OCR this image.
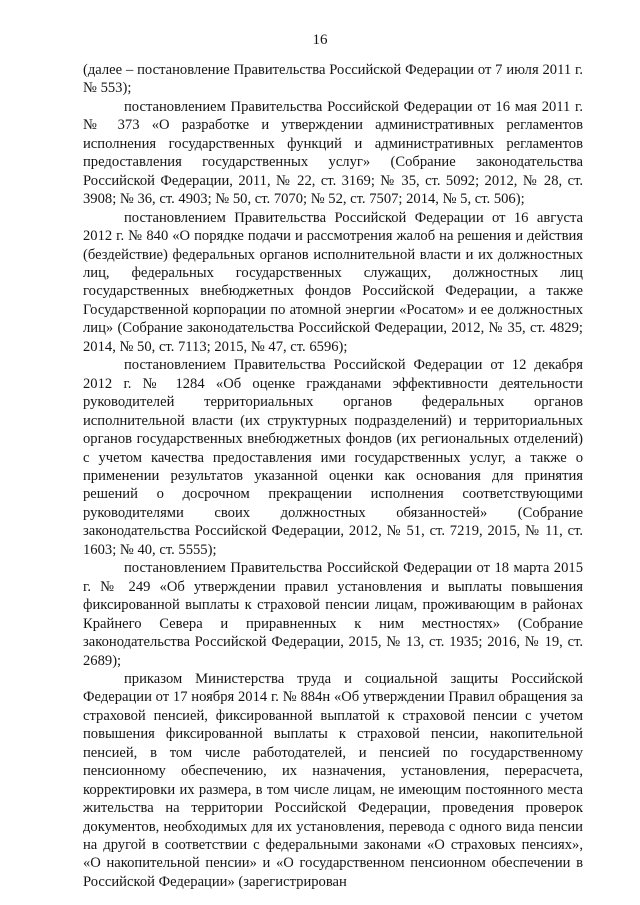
16

(далее – постановление Правительства Российской Федерации от 7 июля 2011 г. № 553);

постановлением Правительства Российской Федерации от 16 мая 2011 г. № 373 «О разработке и утверждении административных регламентов исполнения государственных функций и административных регламентов предоставления государственных услуг» (Собрание законодательства Российской Федерации, 2011, № 22, ст. 3169; № 35, ст. 5092; 2012, № 28, ст. 3908; № 36, ст. 4903; № 50, ст. 7070; № 52, ст. 7507; 2014, № 5, ст. 506);

постановлением Правительства Российской Федерации от 16 августа 2012 г. № 840 «О порядке подачи и рассмотрения жалоб на решения и действия (бездействие) федеральных органов исполнительной власти и их должностных лиц, федеральных государственных служащих, должностных лиц государственных внебюджетных фондов Российской Федерации, а также Государственной корпорации по атомной энергии «Росатом» и ее должностных лиц» (Собрание законодательства Российской Федерации, 2012, № 35, ст. 4829; 2014, № 50, ст. 7113; 2015, № 47, ст. 6596);

постановлением Правительства Российской Федерации от 12 декабря 2012 г. № 1284 «Об оценке гражданами эффективности деятельности руководителей территориальных органов федеральных органов исполнительной власти (их структурных подразделений) и территориальных органов государственных внебюджетных фондов (их региональных отделений) с учетом качества предоставления ими государственных услуг, а также о применении результатов указанной оценки как основания для принятия решений о досрочном прекращении исполнения соответствующими руководителями своих должностных обязанностей» (Собрание законодательства Российской Федерации, 2012, № 51, ст. 7219, 2015, № 11, ст. 1603; № 40, ст. 5555);

постановлением Правительства Российской Федерации от 18 марта 2015 г. № 249 «Об утверждении правил установления и выплаты повышения фиксированной выплаты к страховой пенсии лицам, проживающим в районах Крайнего Севера и приравненных к ним местностях» (Собрание законодательства Российской Федерации, 2015, № 13, ст. 1935; 2016, № 19, ст. 2689);

приказом Министерства труда и социальной защиты Российской Федерации от 17 ноября 2014 г. № 884н «Об утверждении Правил обращения за страховой пенсией, фиксированной выплатой к страховой пенсии с учетом повышения фиксированной выплаты к страховой пенсии, накопительной пенсией, в том числе работодателей, и пенсией по государственному пенсионному обеспечению, их назначения, установления, перерасчета, корректировки их размера, в том числе лицам, не имеющим постоянного места жительства на территории Российской Федерации, проведения проверок документов, необходимых для их установления, перевода с одного вида пенсии на другой в соответствии с федеральными законами «О страховых пенсиях», «О накопительной пенсии» и «О государственном пенсионном обеспечении в Российской Федерации» (зарегистрирован
